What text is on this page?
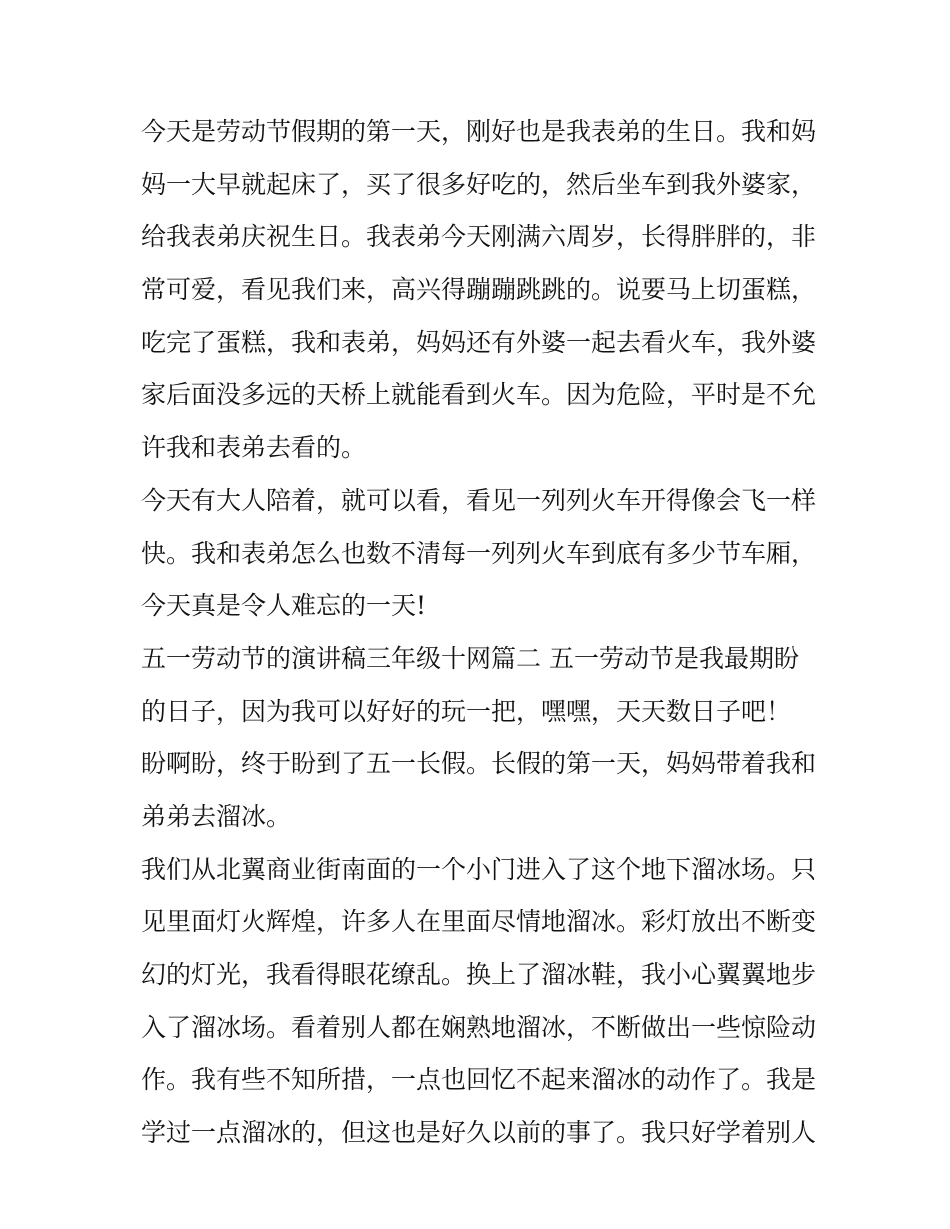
今天是劳动节假期的第一天，刚好也是我表弟的生日。我和妈
妈一大早就起床了，买了很多好吃的，然后坐车到我外婆家，
给我表弟庆祝生日。我表弟今天刚满六周岁，长得胖胖的，非
常可爱，看见我们来，高兴得蹦蹦跳跳的。说要马上切蛋糕，
吃完了蛋糕，我和表弟，妈妈还有外婆一起去看火车，我外婆
家后面没多远的天桥上就能看到火车。因为危险，平时是不允
许我和表弟去看的。
今天有大人陪着，就可以看，看见一列列火车开得像会飞一样
快。我和表弟怎么也数不清每一列列火车到底有多少节车厢，
今天真是令人难忘的一天!
五一劳动节的演讲稿三年级十网篇二 五一劳动节是我最期盼
的日子，因为我可以好好的玩一把，嘿嘿，天天数日子吧！
盼啊盼，终于盼到了五一长假。长假的第一天，妈妈带着我和
弟弟去溜冰。
我们从北翼商业街南面的一个小门进入了这个地下溜冰场。只
见里面灯火辉煌，许多人在里面尽情地溜冰。彩灯放出不断变
幻的灯光，我看得眼花缭乱。换上了溜冰鞋，我小心翼翼地步
入了溜冰场。看着别人都在娴熟地溜冰，不断做出一些惊险动
作。我有些不知所措，一点也回忆不起来溜冰的动作了。我是
学过一点溜冰的，但这也是好久以前的事了。我只好学着别人
